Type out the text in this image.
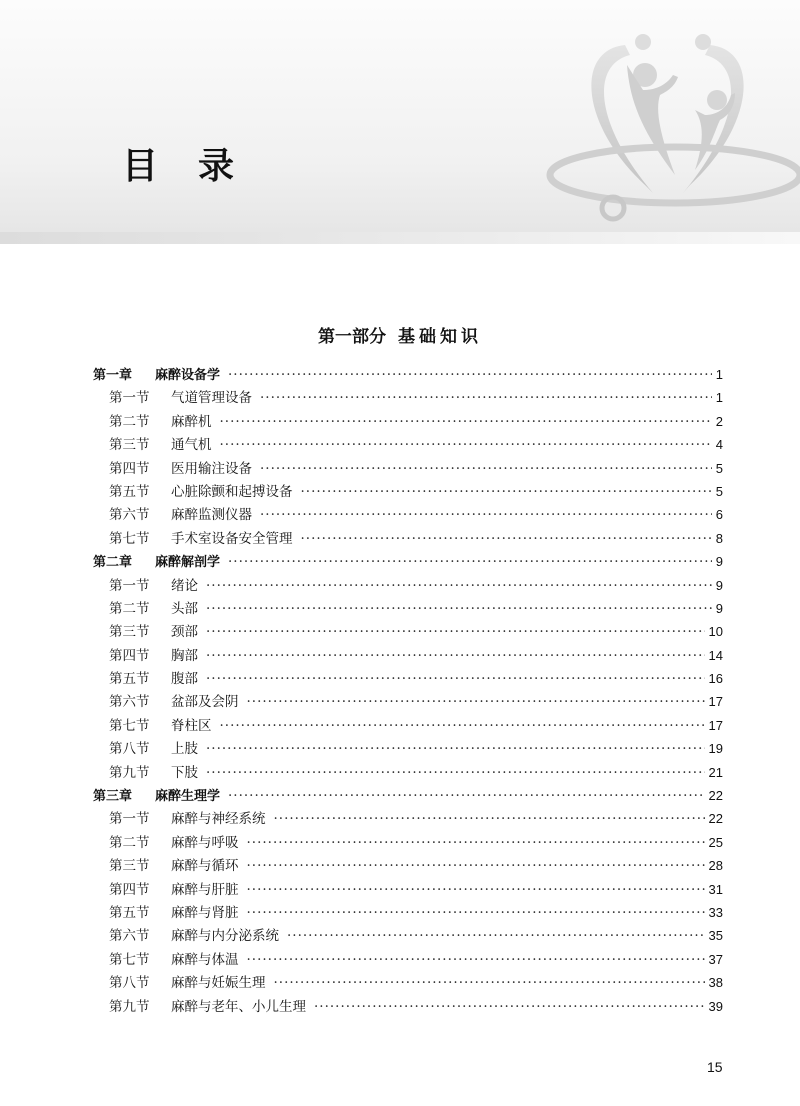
目录
第一部分 基础知识
第一章	麻醉设备学 ·····	1
第一节	气道管理设备 ·····	1
第二节	麻醉机 ·····	2
第三节	通气机 ·····	4
第四节	医用输注设备 ·····	5
第五节	心脏除颤和起搏设备 ·····	5
第六节	麻醉监测仪器 ·····	6
第七节	手术室设备安全管理 ·····	8
第二章	麻醉解剖学 ·····	9
第一节	绪论 ·····	9
第二节	头部 ·····	9
第三节	颈部 ·····	10
第四节	胸部 ·····	14
第五节	腹部 ·····	16
第六节	盆部及会阴 ·····	17
第七节	脊柱区 ·····	17
第八节	上肢 ·····	19
第九节	下肢 ·····	21
第三章	麻醉生理学 ·····	22
第一节	麻醉与神经系统 ·····	22
第二节	麻醉与呼吸 ·····	25
第三节	麻醉与循环 ·····	28
第四节	麻醉与肝脏 ·····	31
第五节	麻醉与肾脏 ·····	33
第六节	麻醉与内分泌系统 ·····	35
第七节	麻醉与体温 ·····	37
第八节	麻醉与妊娠生理 ·····	38
第九节	麻醉与老年、小儿生理 ·····	39
15
